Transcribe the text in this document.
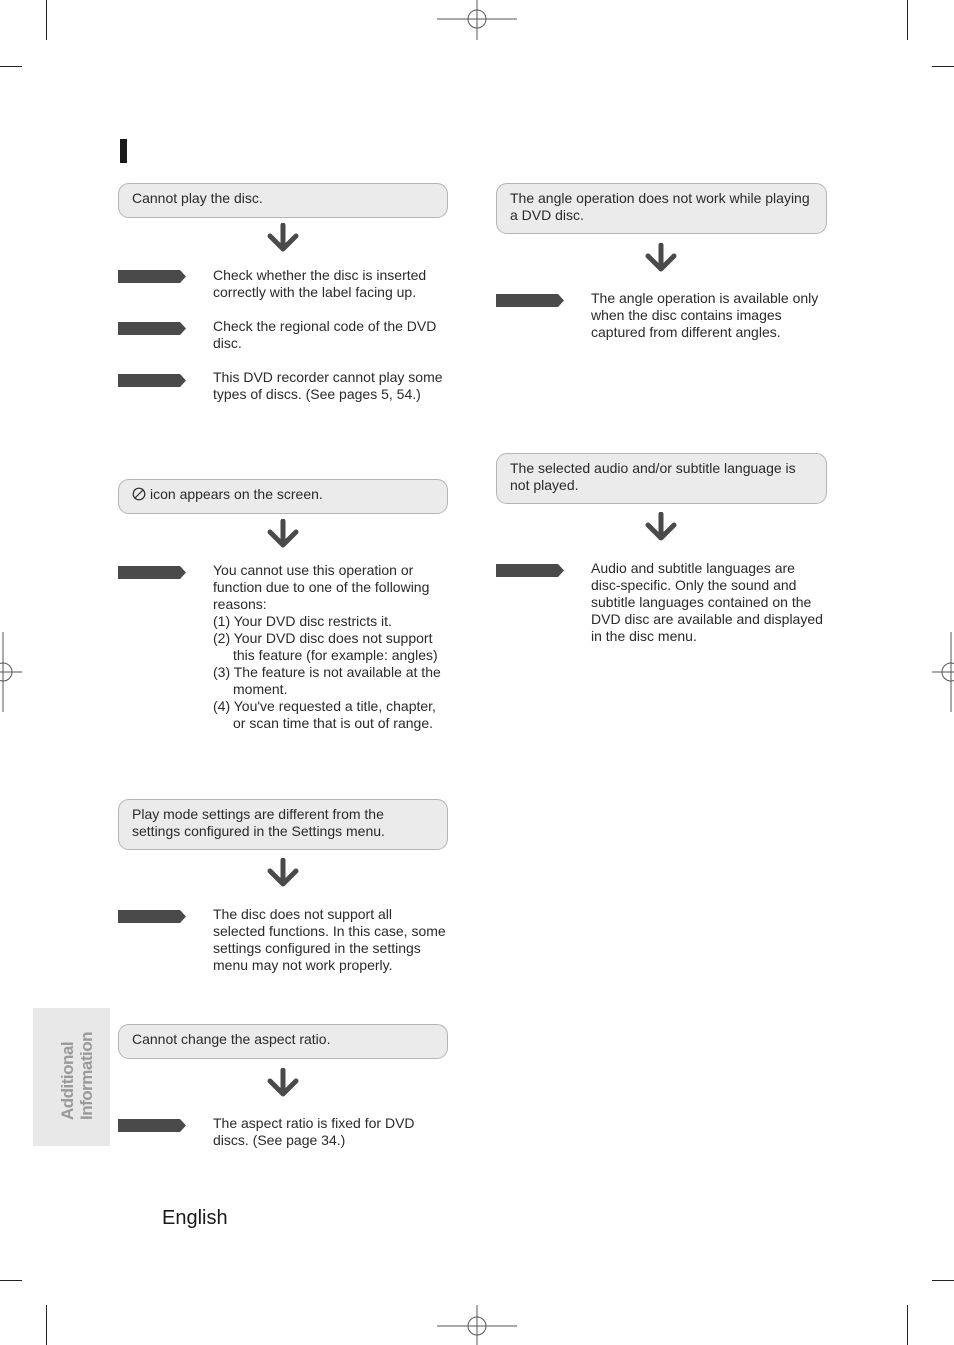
Cannot play the disc.
Check whether the disc is inserted correctly with the label facing up.
Check the regional code of the DVD disc.
This DVD recorder cannot play some types of discs. (See pages 5, 54.)
icon appears on the screen.
You cannot use this operation or function due to one of the following reasons:
(1) Your DVD disc restricts it.
(2) Your DVD disc does not support this feature (for example: angles)
(3) The feature is not available at the moment.
(4) You've requested a title, chapter, or scan time that is out of range.
Play mode settings are different from the settings configured in the Settings menu.
The disc does not support all selected functions. In this case, some settings configured in the settings menu may not work properly.
Cannot change the aspect ratio.
The aspect ratio is fixed for DVD discs. (See page 34.)
The angle operation does not work while playing a DVD disc.
The angle operation is available only when the disc contains images captured from different angles.
The selected audio and/or subtitle language is not played.
Audio and subtitle languages are disc-specific. Only the sound and subtitle languages contained on the DVD disc are available and displayed in the disc menu.
Additional Information
English
